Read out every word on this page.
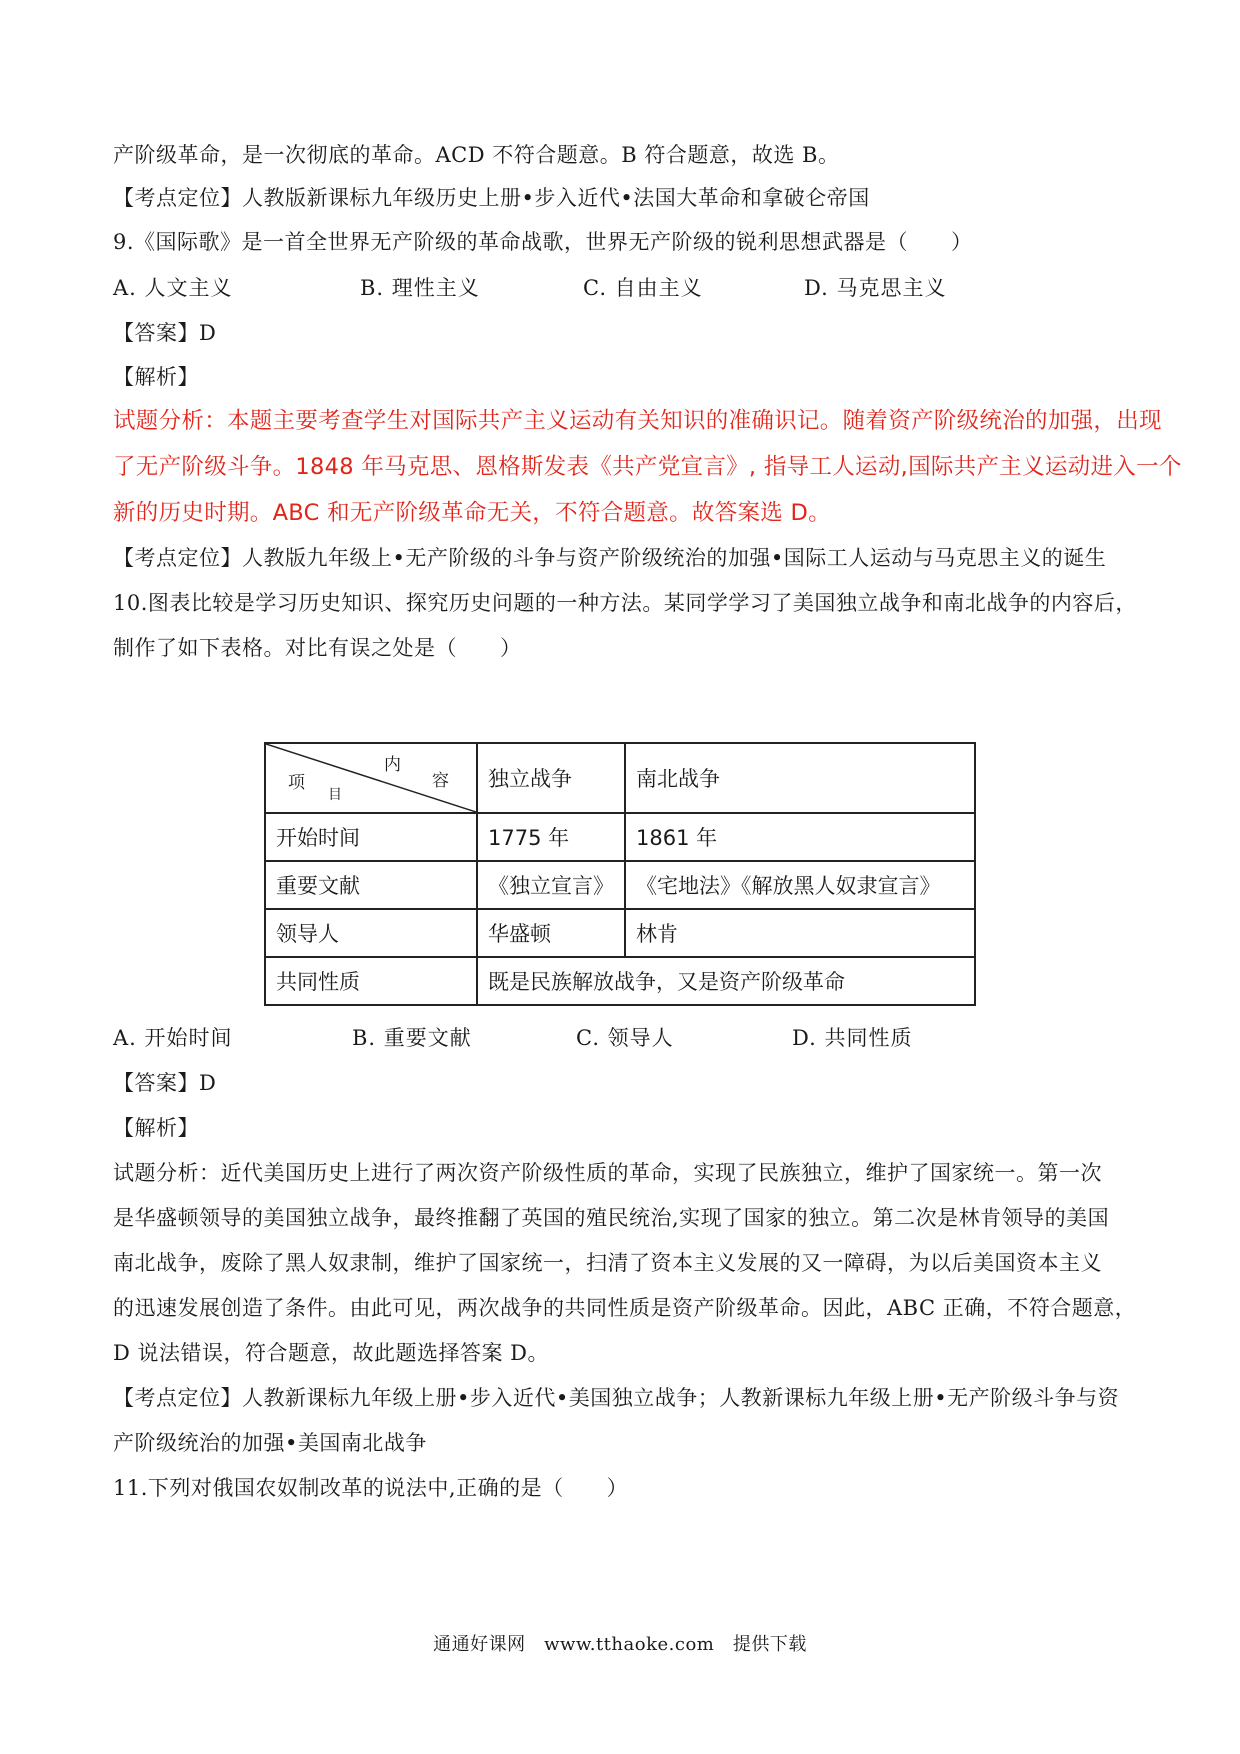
产阶级革命，是一次彻底的革命。ACD 不符合题意。B 符合题意，故选 B。
【考点定位】人教版新课标九年级历史上册•步入近代•法国大革命和拿破仑帝国
9.《国际歌》是一首全世界无产阶级的革命战歌，世界无产阶级的锐利思想武器是（　　）
A. 人文主义	B. 理性主义	C. 自由主义	D. 马克思主义
【答案】D
【解析】
试题分析：本题主要考查学生对国际共产主义运动有关知识的准确识记。随着资产阶级统治的加强，出现
了无产阶级斗争。1848 年马克思、恩格斯发表《共产党宣言》, 指导工人运动,国际共产主义运动进入一个
新的历史时期。ABC 和无产阶级革命无关，不符合题意。故答案选 D。
【考点定位】人教版九年级上•无产阶级的斗争与资产阶级统治的加强•国际工人运动与马克思主义的诞生
10.图表比较是学习历史知识、探究历史问题的一种方法。某同学学习了美国独立战争和南北战争的内容后，
制作了如下表格。对比有误之处是（　　）
内
容
项
目	独立战争	南北战争
开始时间	1775 年	1861 年
重要文献	《独立宣言》	《宅地法》《解放黑人奴隶宣言》
领导人	华盛顿	林肯
共同性质	既是民族解放战争，又是资产阶级革命	
A. 开始时间	B. 重要文献	C. 领导人	D. 共同性质
【答案】D
【解析】
试题分析：近代美国历史上进行了两次资产阶级性质的革命，实现了民族独立，维护了国家统一。第一次
是华盛顿领导的美国独立战争，最终推翻了英国的殖民统治,实现了国家的独立。第二次是林肯领导的美国
南北战争，废除了黑人奴隶制，维护了国家统一，扫清了资本主义发展的又一障碍，为以后美国资本主义
的迅速发展创造了条件。由此可见，两次战争的共同性质是资产阶级革命。因此，ABC 正确，不符合题意，
D 说法错误，符合题意，故此题选择答案 D。
【考点定位】人教新课标九年级上册•步入近代•美国独立战争；人教新课标九年级上册•无产阶级斗争与资
产阶级统治的加强•美国南北战争
11.下列对俄国农奴制改革的说法中,正确的是（　　）
通通好课网　www.tthaoke.com　提供下载
